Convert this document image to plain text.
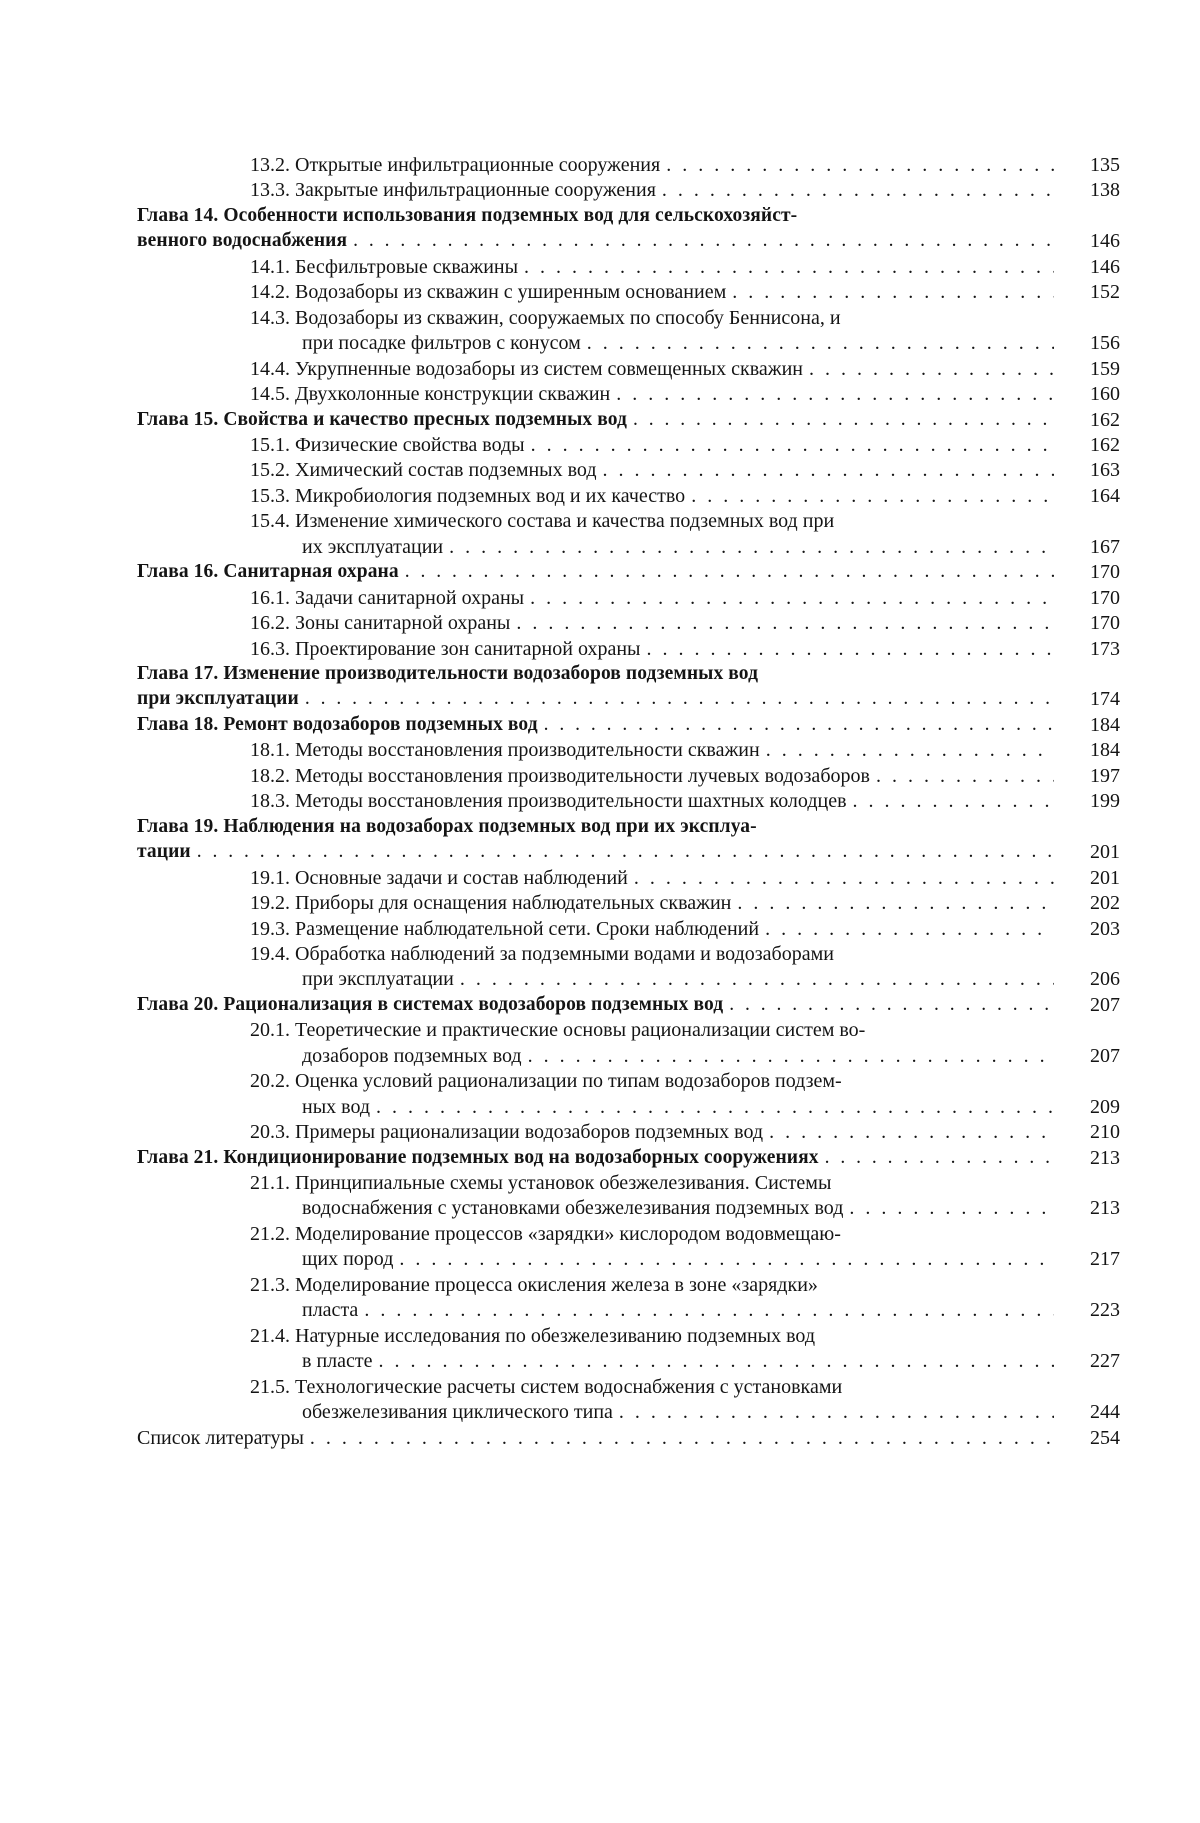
13.2. Открытые инфильтрационные сооружения . . .	135
13.3. Закрытые инфильтрационные сооружения . . .	138
Глава 14. Особенности использования подземных вод для сельскохозяйст-
венного водоснабжения . . .	146
14.1. Бесфильтровые скважины . . .	146
14.2. Водозаборы из скважин с уширенным основанием . . .	152
14.3. Водозаборы из скважин, сооружаемых по способу Беннисона, и
при посадке фильтров с конусом . . .	156
14.4. Укрупненные водозаборы из систем совмещенных скважин . . .	159
14.5. Двухколонные конструкции скважин . . .	160
Глава 15. Свойства и качество пресных подземных вод . . .	162
15.1. Физические свойства воды . . .	162
15.2. Химический состав подземных вод . . .	163
15.3. Микробиология подземных вод и их качество . . .	164
15.4. Изменение химического состава и качества подземных вод при
их эксплуатации . . .	167
Глава 16. Санитарная охрана . . .	170
16.1. Задачи санитарной охраны . . .	170
16.2. Зоны санитарной охраны . . .	170
16.3. Проектирование зон санитарной охраны . . .	173
Глава 17. Изменение производительности водозаборов подземных вод
при эксплуатации . . .	174
Глава 18. Ремонт водозаборов подземных вод . . .	184
18.1. Методы восстановления производительности скважин . . .	184
18.2. Методы восстановления производительности лучевых водозаборов . . .	197
18.3. Методы восстановления производительности шахтных колодцев . . .	199
Глава 19. Наблюдения на водозаборах подземных вод при их эксплуа-
тации . . .	201
19.1. Основные задачи и состав наблюдений . . .	201
19.2. Приборы для оснащения наблюдательных скважин . . .	202
19.3. Размещение наблюдательной сети. Сроки наблюдений . . .	203
19.4. Обработка наблюдений за подземными водами и водозаборами
при эксплуатации . . .	206
Глава 20. Рационализация в системах водозаборов подземных вод . . .	207
20.1. Теоретические и практические основы рационализации систем во-
дозаборов подземных вод . . .	207
20.2. Оценка условий рационализации по типам водозаборов подзем-
ных вод . . .	209
20.3. Примеры рационализации водозаборов подземных вод . . .	210
Глава 21. Кондиционирование подземных вод на водозаборных сооружениях . . .	213
21.1. Принципиальные схемы установок обезжелезивания. Системы
водоснабжения с установками обезжелезивания подземных вод . . .	213
21.2. Моделирование процессов «зарядки» кислородом водовмещаю-
щих пород . . .	217
21.3. Моделирование процесса окисления железа в зоне «зарядки»
пласта . . .	223
21.4. Натурные исследования по обезжелезиванию подземных вод
в пласте . . .	227
21.5. Технологические расчеты систем водоснабжения с установками
обезжелезивания циклического типа . . .	244
Список литературы . . .	254
